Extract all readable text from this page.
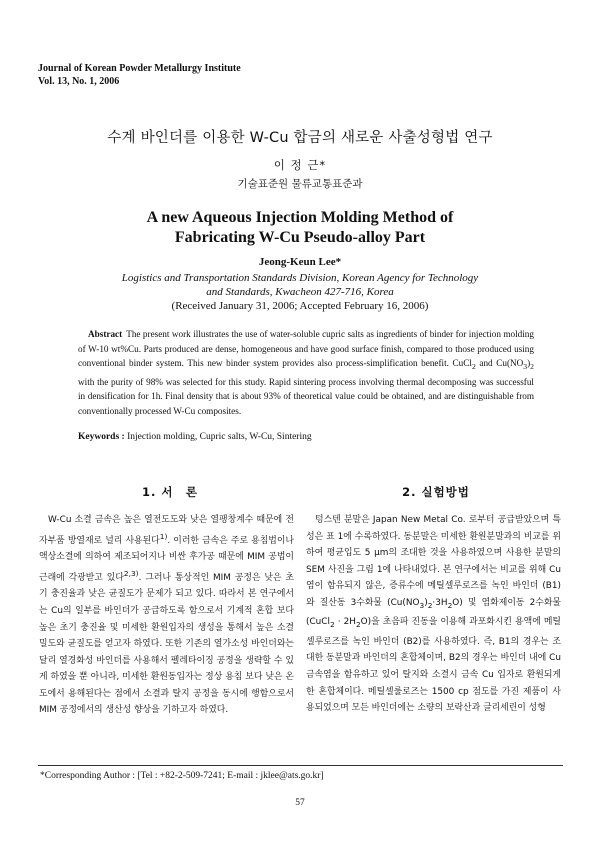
Journal of Korean Powder Metallurgy Institute
Vol. 13, No. 1, 2006
수계 바인더를 이용한 W-Cu 합금의 새로운 사출성형법 연구
이 정 근*
기술표준원 물류교통표준과
A new Aqueous Injection Molding Method of
Fabricating W-Cu Pseudo-alloy Part
Jeong-Keun Lee*
Logistics and Transportation Standards Division, Korean Agency for Technology
and Standards, Kwacheon 427-716, Korea
(Received January 31, 2006; Accepted February 16, 2006)
Abstract The present work illustrates the use of water-soluble cupric salts as ingredients of binder for injection molding of W-10 wt%Cu. Parts produced are dense, homogeneous and have good surface finish, compared to those produced using conventional binder system. This new binder system provides also process-simplification benefit. CuCl$_2$ and $Cu(NO_3)_2$ with the purity of 98% was selected for this study. Rapid sintering process involving thermal decomposing was successful in densification for 1h. Final density that is about 93% of theoretical value could be obtained, and are distinguishable from conventionally processed W-Cu composites.
Keywords : Injection molding, Cupric salts, W-Cu, Sintering
1. 서　론	2. 실험방법

W-Cu 소결 금속은 높은 열전도도와 낮은 열팽창계수 때문에 전자부품 방열재로 널리 사용된다$^{1)}$. 이러한 금속은 주로 용침법이나 액상소결에 의하여 제조되어지나 비싼 후가공 때문에 MIM 공법이 근래에 각광받고 있다$^{2,3)}$. 그러나 통상적인 MIM 공정은 낮은 초기 충진율과 낮은 균질도가 문제가 되고 있다. 따라서 본 연구에서는 Cu의 일부를 바인더가 공급하도록 함으로서 기계적 혼합 보다 높은 초기 충진율 및 미세한 환원입자의 생성을 통해서 높은 소결 밀도와 균질도를 얻고자 하였다. 또한 기존의 열가소성 바인더와는 달리 열경화성 바인더를 사용해서 펠레타이징 공정을 생략할 수 있게 하였을 뿐 아니라, 미세한 환원동입자는 정상 용침 보다 낮은 온도에서 용해된다는 점에서 소결과 탈지 공정을 동시에 행함으로서 MIM 공정에서의 생산성 향상을 기하고자 하였다.

텅스텐 분말은 Japan New Metal Co. 로부터 공급받았으며 특성은 표 1에 수록하였다. 동분말은 미세한 환원분말과의 비교를 위하여 평균입도 5 μm의 조대한 것을 사용하였으며 사용한 분말의 SEM 사진을 그림 1에 나타내었다. 본 연구에서는 비교를 위해 Cu 염이 함유되지 않은, 증류수에 메틸셀루로즈를 녹인 바인더 (B1)와 질산동 3수화물 $(Cu(NO_3)_2\cdot 3H_2O)$ 및 염화제이동 2수화물 (CuCl$_2$ · $2H_2O$)을 초음파 진동을 이용해 과포화시킨 용액에 메틸셀루로즈를 녹인 바인더 (B2)를 사용하였다. 즉, B1의 경우는 조대한 동분말과 바인더의 혼합체이며, B2의 경우는 바인더 내에 Cu 금속염을 함유하고 있어 탈지와 소결시 금속 Cu 입자로 환원되게한 혼합체이다. 메틸셀룰로즈는 1500 cp 점도를 가진 제품이 사용되었으며 모든 바인더에는 소량의 보락산과 글리세린이 성형

*Corresponding Author : [Tel : +82-2-509-7241; E-mail : jklee@ats.go.kr]
57
